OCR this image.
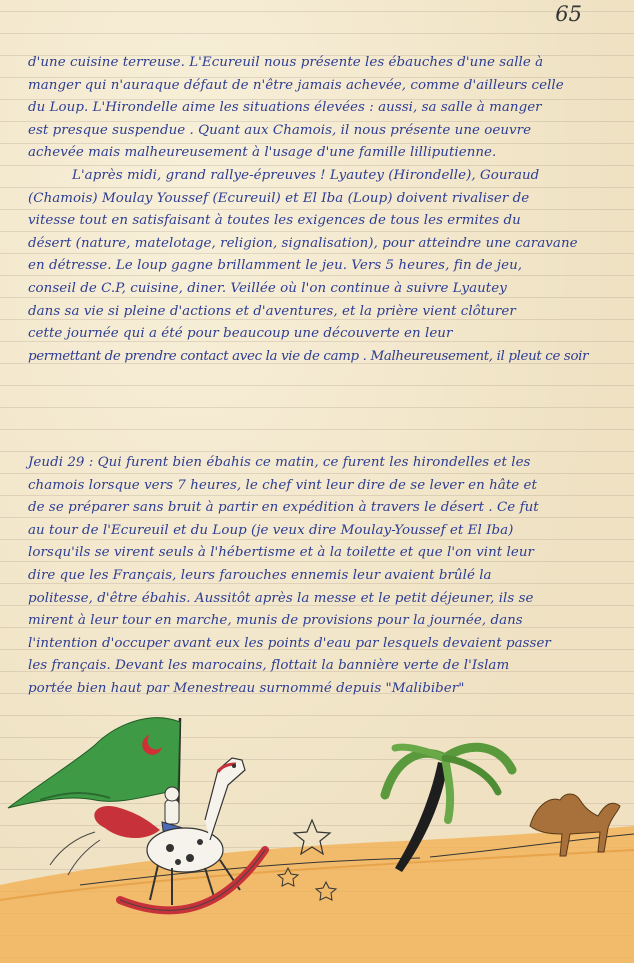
65
d'une cuisine terreuse. L'Ecureuil nous présente les ébauches d'une salle à
manger qui n'auraque défaut de n'être jamais achevée, comme d'ailleurs celle
du Loup. L'Hirondelle aime les situations élevées : aussi, sa salle à manger
est presque suspendue . Quant aux Chamois, il nous présente une oeuvre
achevée mais malheureusement à l'usage d'une famille lilliputienne.
L'après midi, grand rallye-épreuves ! Lyautey (Hirondelle), Gouraud
(Chamois) Moulay Youssef (Ecureuil) et El Iba (Loup) doivent rivaliser de
vitesse tout en satisfaisant à toutes les exigences de tous les ermites du
désert (nature, matelotage, religion, signalisation), pour atteindre une caravane
en détresse. Le loup gagne brillamment le jeu. Vers 5 heures, fin de jeu,
conseil de C.P, cuisine, diner. Veillée où l'on continue à suivre Lyautey
dans sa vie si pleine d'actions et d'aventures, et la prière vient clôturer
cette journée qui a été pour beaucoup une découverte en leur
permettant de prendre contact avec la vie de camp . Malheureusement, il pleut ce soir
Jeudi 29 : Qui furent bien ébahis ce matin, ce furent les hirondelles et les
chamois lorsque vers 7 heures, le chef vint leur dire de se lever en hâte et
de se préparer sans bruit à partir en expédition à travers le désert . Ce fut
au tour de l'Ecureuil et du Loup (je veux dire Moulay-Youssef et El Iba)
lorsqu'ils se virent seuls à l'hébertisme et à la toilette et que l'on vint leur
dire que les Français, leurs farouches ennemis leur avaient brûlé la
politesse, d'être ébahis. Aussitôt après la messe et le petit déjeuner, ils se
mirent à leur tour en marche, munis de provisions pour la journée, dans
l'intention d'occuper avant eux les points d'eau par lesquels devaient passer
les français. Devant les marocains, flottait la bannière verte de l'Islam
portée bien haut par Menestreau surnommé depuis "Malibiber"
